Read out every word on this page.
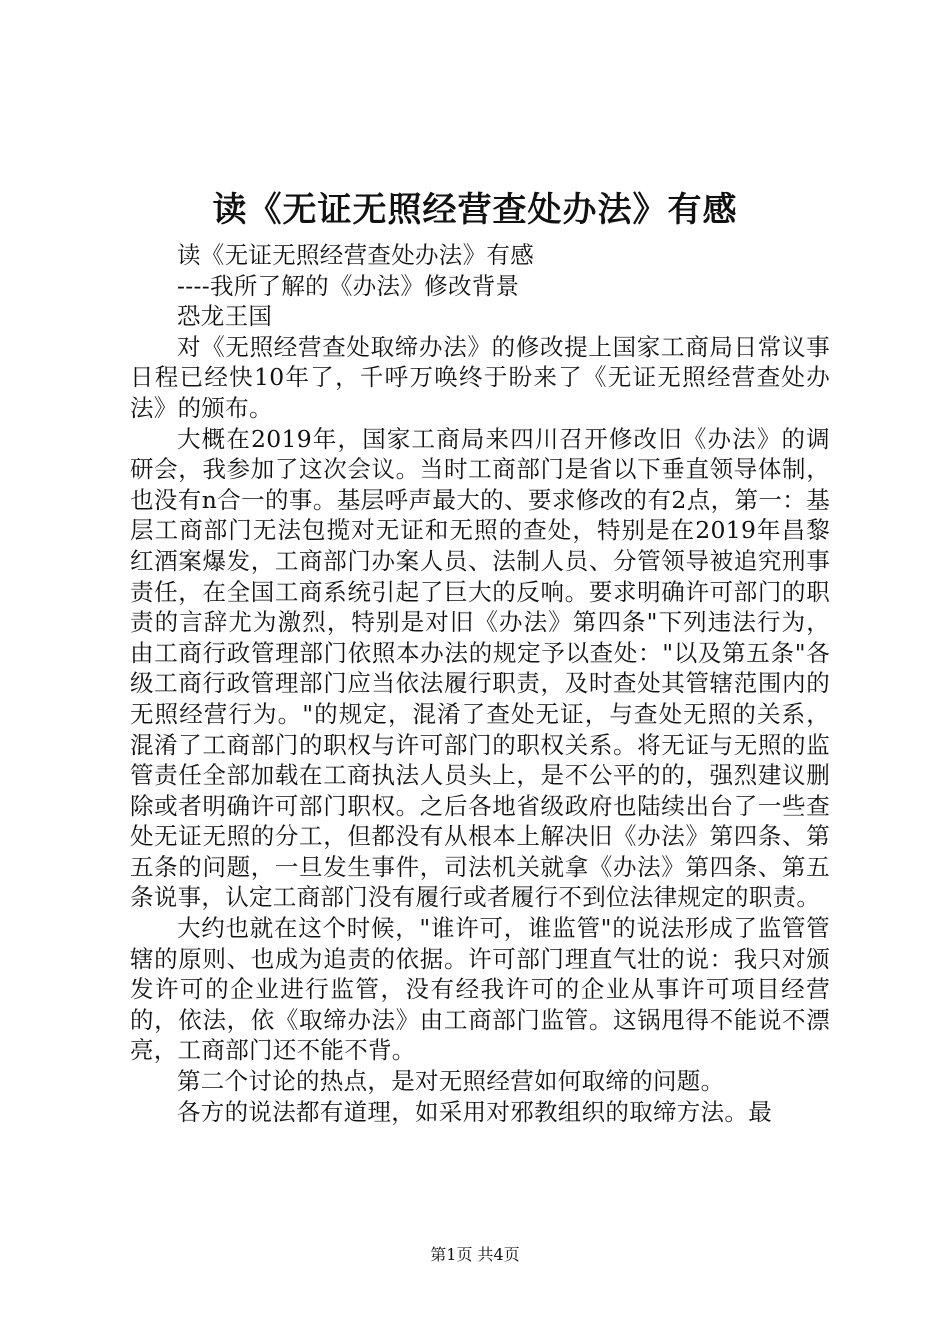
读《无证无照经营查处办法》有感

读《无证无照经营查处办法》有感

----我所了解的《办法》修改背景

恐龙王国

对《无照经营查处取缔办法》的修改提上国家工商局日常议事日程已经快10年了，千呼万唤终于盼来了《无证无照经营查处办法》的颁布。

大概在2019年，国家工商局来四川召开修改旧《办法》的调研会，我参加了这次会议。当时工商部门是省以下垂直领导体制，也没有n合一的事。基层呼声最大的、要求修改的有2点，第一：基层工商部门无法包揽对无证和无照的查处，特别是在2019年昌黎红酒案爆发，工商部门办案人员、法制人员、分管领导被追究刑事责任，在全国工商系统引起了巨大的反响。要求明确许可部门的职责的言辞尤为激烈，特别是对旧《办法》第四条"下列违法行为，由工商行政管理部门依照本办法的规定予以查处："以及第五条"各级工商行政管理部门应当依法履行职责，及时查处其管辖范围内的无照经营行为。"的规定，混淆了查处无证，与查处无照的关系，混淆了工商部门的职权与许可部门的职权关系。将无证与无照的监管责任全部加载在工商执法人员头上，是不公平的的，强烈建议删除或者明确许可部门职权。之后各地省级政府也陆续出台了一些查处无证无照的分工，但都没有从根本上解决旧《办法》第四条、第五条的问题，一旦发生事件，司法机关就拿《办法》第四条、第五条说事，认定工商部门没有履行或者履行不到位法律规定的职责。

大约也就在这个时候，"谁许可，谁监管"的说法形成了监管管辖的原则、也成为追责的依据。许可部门理直气壮的说：我只对颁发许可的企业进行监管，没有经我许可的企业从事许可项目经营的，依法，依《取缔办法》由工商部门监管。这锅甩得不能说不漂亮，工商部门还不能不背。

第二个讨论的热点，是对无照经营如何取缔的问题。

各方的说法都有道理，如采用对邪教组织的取缔方法。最

第1页 共4页
